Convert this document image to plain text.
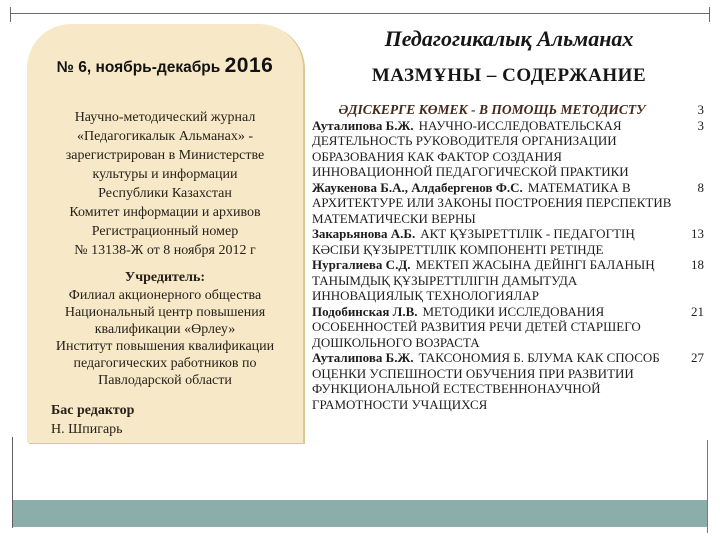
№ 6, ноябрь-декабрь 2016
Научно-методический журнал
«Педагогикалык Альманах» -
зарегистрирован в Министерстве
культуры и информации
Республики Казахстан
Комитет информации и архивов
Регистрационный номер
№ 13138-Ж от 8 ноября 2012 г
Учредитель:
Филиал акционерного общества
Национальный центр повышения
квалификации «Өрлеу»
Институт повышения квалификации
педагогических работников по
Павлодарской области
Бас редактор
Н. Шпигарь
Педагогикалық Альманах
МАЗМҰНЫ – СОДЕРЖАНИЕ
ӘДІСКЕРГЕ КӨМЕК - В ПОМОЩЬ МЕТОДИСТУ	3
Ауталипова Б.Ж. НАУЧНО-ИССЛЕДОВАТЕЛЬСКАЯ ДЕЯТЕЛЬНОСТЬ РУКОВОДИТЕЛЯ ОРГАНИЗАЦИИ ОБРАЗОВАНИЯ КАК ФАКТОР СОЗДАНИЯ ИННОВАЦИОННОЙ ПЕДАГОГИЧЕСКОЙ ПРАКТИКИ
3
Жаукенова Б.А., Алдабергенов Ф.С. МАТЕМАТИКА В АРХИТЕКТУРЕ ИЛИ ЗАКОНЫ ПОСТРОЕНИЯ ПЕРСПЕКТИВ МАТЕМАТИЧЕСКИ ВЕРНЫ
8
Закарьянова А.Б. АКТ ҚҰЗЫРЕТТІЛІК - ПЕДАГОГТІҢ КӘСІБИ ҚҰЗЫРЕТТІЛІК КОМПОНЕНТІ РЕТІНДЕ
13
Нургалиева С.Д. МЕКТЕП ЖАСЫНА ДЕЙІНГІ БАЛАНЫҢ ТАНЫМДЫҚ ҚҰЗЫРЕТТІЛІГІН ДАМЫТУДА ИННОВАЦИЯЛЫҚ ТЕХНОЛОГИЯЛАР
18
Подобинская Л.В. МЕТОДИКИ ИССЛЕДОВАНИЯ ОСОБЕННОСТЕЙ РАЗВИТИЯ РЕЧИ ДЕТЕЙ СТАРШЕГО ДОШКОЛЬНОГО ВОЗРАСТА
21
Ауталипова Б.Ж. ТАКСОНОМИЯ Б. БЛУМА КАК СПОСОБ ОЦЕНКИ УСПЕШНОСТИ ОБУЧЕНИЯ ПРИ РАЗВИТИИ ФУНКЦИОНАЛЬНОЙ ЕСТЕСТВЕННОНАУЧНОЙ ГРАМОТНОСТИ УЧАЩИХСЯ
27
